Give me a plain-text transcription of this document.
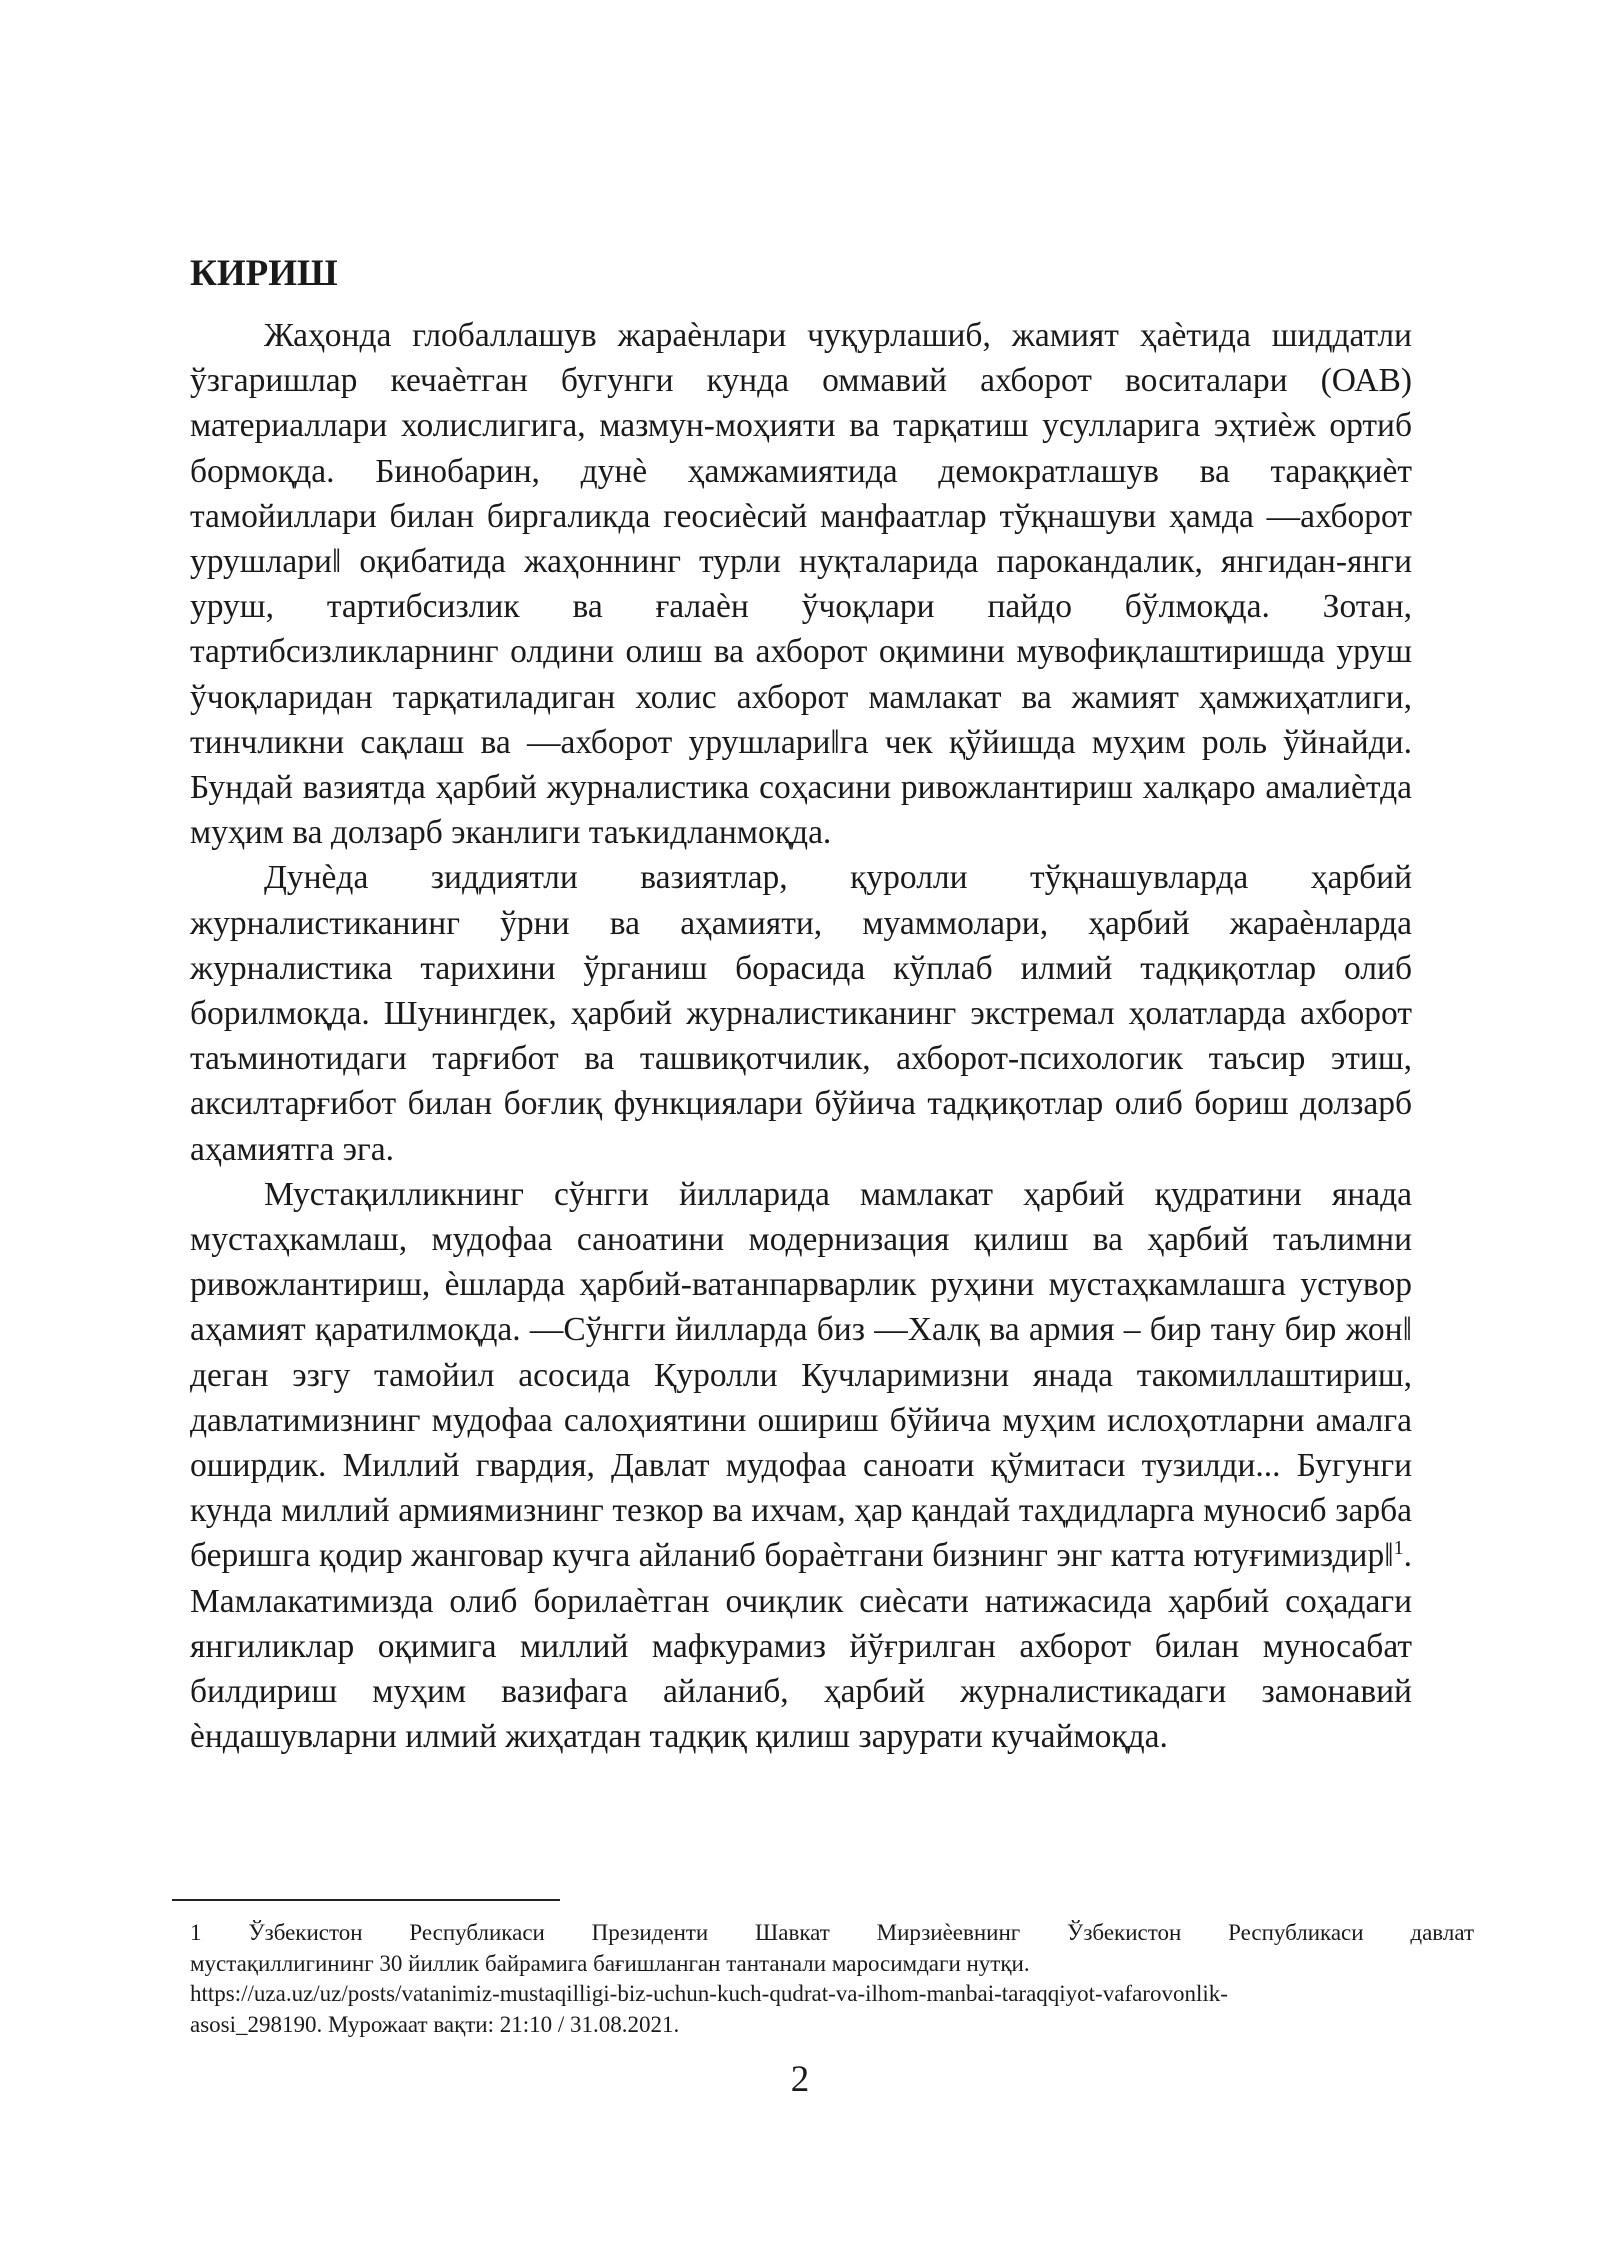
КИРИШ

Жаҳонда глобаллашув жараѐнлари чуқурлашиб, жамият ҳаѐтида шиддатли ўзгаришлар кечаѐтган бугунги кунда оммавий ахборот воситалари (ОАВ) материаллари холислигига, мазмун-моҳияти ва тарқатиш усулларига эҳтиѐж ортиб бормоқда. Бинобарин, дунѐ ҳамжамиятида демократлашув ва тараққиѐт тамойиллари билан биргаликда геосиѐсий манфаатлар тўқнашуви ҳамда ―ахборот урушлари‖ оқибатида жаҳоннинг турли нуқталарида парокандалик, янгидан-янги уруш, тартибсизлик ва ғалаѐн ўчоқлари пайдо бўлмоқда. Зотан, тартибсизликларнинг олдини олиш ва ахборот оқимини мувофиқлаштиришда уруш ўчоқларидан тарқатиладиган холис ахборот мамлакат ва жамият ҳамжиҳатлиги, тинчликни сақлаш ва ―ахборот урушлари‖га чек қўйишда муҳим роль ўйнайди. Бундай вазиятда ҳарбий журналистика соҳасини ривожлантириш халқаро амалиѐтда муҳим ва долзарб эканлиги таъкидланмоқда.

Дунѐда зиддиятли вазиятлар, қуролли тўқнашувларда ҳарбий журналистиканинг ўрни ва аҳамияти, муаммолари, ҳарбий жараѐнларда журналистика тарихини ўрганиш борасида кўплаб илмий тадқиқотлар олиб борилмоқда. Шунингдек, ҳарбий журналистиканинг экстремал ҳолатларда ахборот таъминотидаги тарғибот ва ташвиқотчилик, ахборот-психологик таъсир этиш, аксилтарғибот билан боғлиқ функциялари бўйича тадқиқотлар олиб бориш долзарб аҳамиятга эга.

Мустақилликнинг сўнгги йилларида мамлакат ҳарбий қудратини янада мустаҳкамлаш, мудофаа саноатини модернизация қилиш ва ҳарбий таълимни ривожлантириш, ѐшларда ҳарбий-ватанпарварлик руҳини мустаҳкамлашга устувор аҳамият қаратилмоқда. ―Сўнгги йилларда биз ―Халқ ва армия – бир тану бир жон‖ деган эзгу тамойил асосида Қуролли Кучларимизни янада такомиллаштириш, давлатимизнинг мудофаа салоҳиятини ошириш бўйича муҳим ислоҳотларни амалга оширдик. Миллий гвардия, Давлат мудофаа саноати қўмитаси тузилди... Бугунги кунда миллий армиямизнинг тезкор ва ихчам, ҳар қандай таҳдидларга муносиб зарба беришга қодир жанговар кучга айланиб бораѐтгани бизнинг энг катта ютуғимиздир‖$^1$. Мамлакатимизда олиб борилаѐтган очиқлик сиѐсати натижасида ҳарбий соҳадаги янгиликлар оқимига миллий мафкурамиз йўғрилган ахборот билан муносабат билдириш муҳим вазифага айланиб, ҳарбий журналистикадаги замонавий ѐндашувларни илмий жиҳатдан тадқиқ қилиш зарурати кучаймоқда.

1 Ўзбекистон Республикаси Президенти Шавкат Мирзиѐевнинг Ўзбекистон Республикаси давлат
мустақиллигининг 30 йиллик байрамига бағишланган тантанали маросимдаги нутқи.
https://uza.uz/uz/posts/vatanimiz-mustaqilligi-biz-uchun-kuch-qudrat-va-ilhom-manbai-taraqqiyot-vafarovonlik-
asosi_298190. Мурожаат вақти: 21:10 / 31.08.2021.
2
